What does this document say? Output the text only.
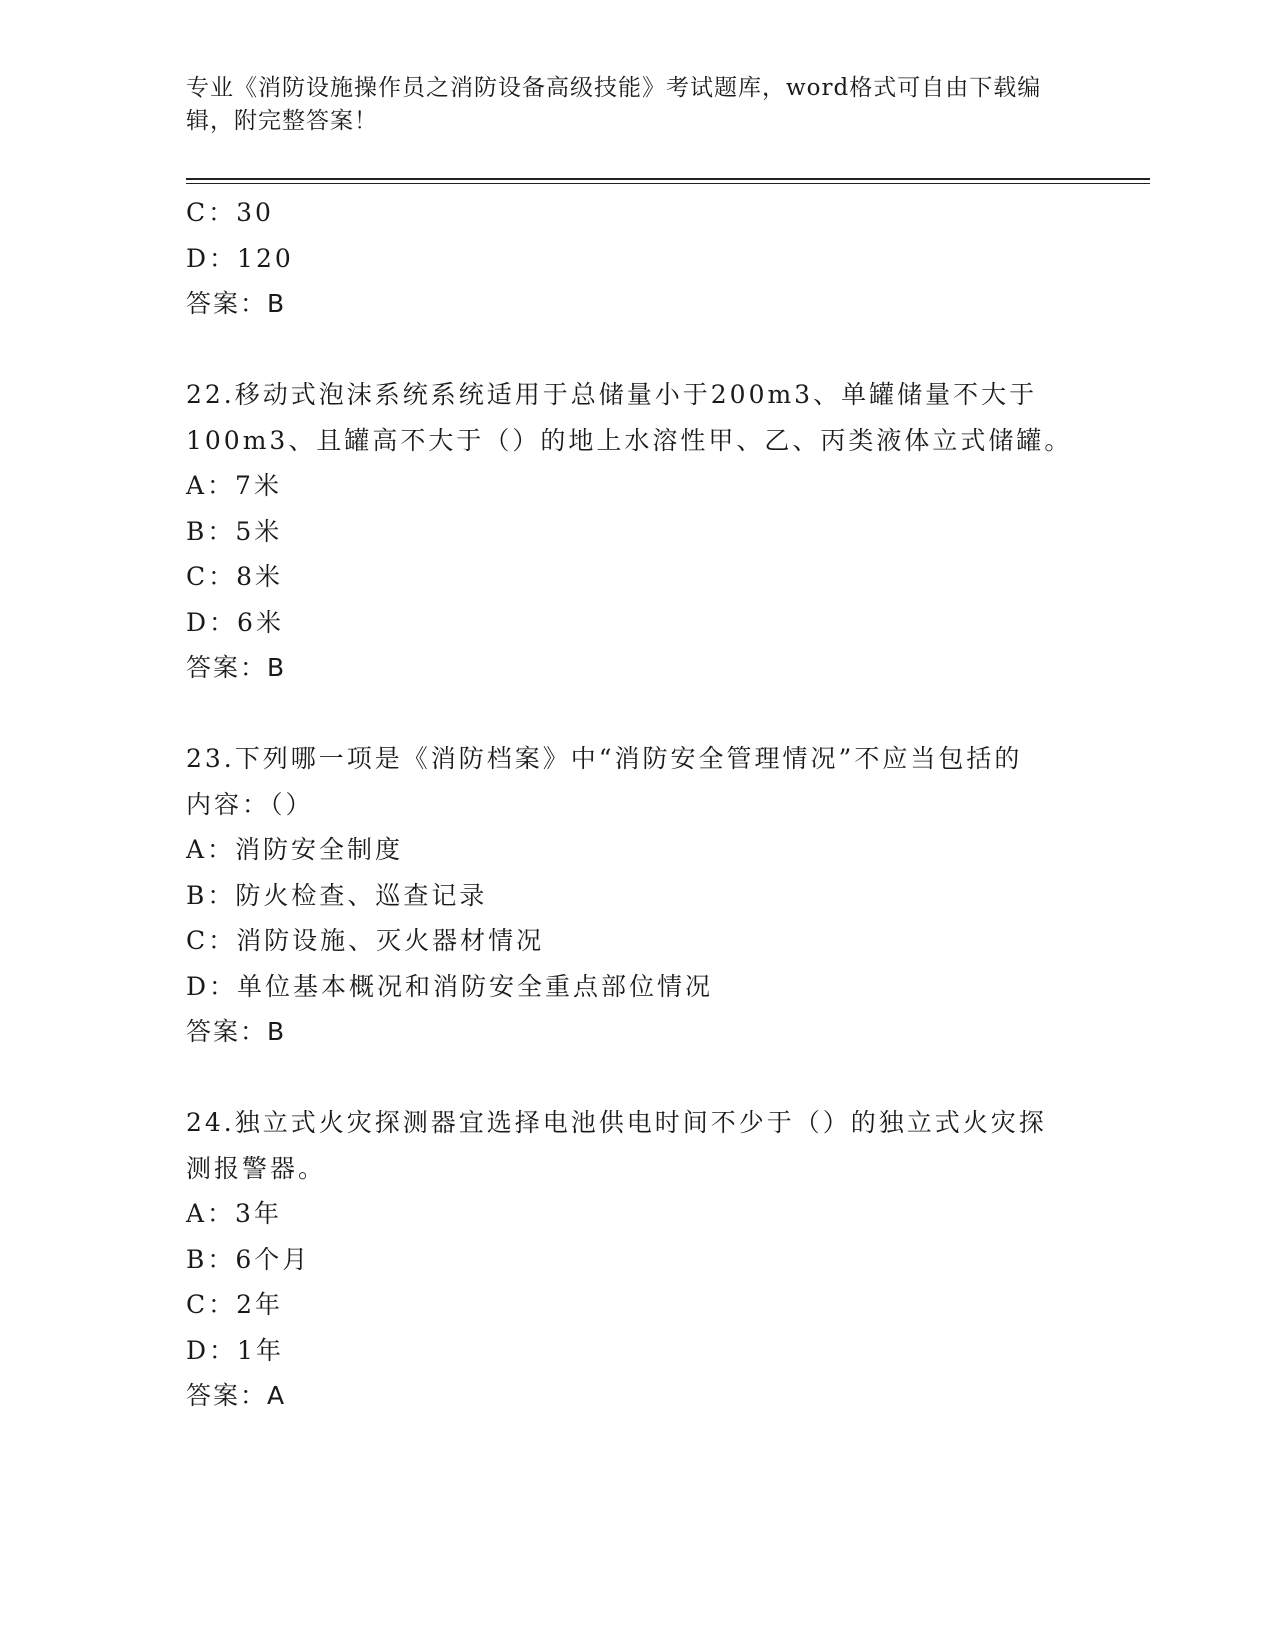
专业《消防设施操作员之消防设备高级技能》考试题库，word格式可自由下载编辑，附完整答案！
C：30
D：120
答案：B
22.移动式泡沫系统系统适用于总储量小于200m3、单罐储量不大于
100m3、且罐高不大于（）的地上水溶性甲、乙、丙类液体立式储罐。
A：7米
B：5米
C：8米
D：6米
答案：B
23.下列哪一项是《消防档案》中“消防安全管理情况”不应当包括的
内容：（）
A：消防安全制度
B：防火检查、巡查记录
C：消防设施、灭火器材情况
D：单位基本概况和消防安全重点部位情况
答案：B
24.独立式火灾探测器宜选择电池供电时间不少于（）的独立式火灾探
测报警器。
A：3年
B：6个月
C：2年
D：1年
答案：A
